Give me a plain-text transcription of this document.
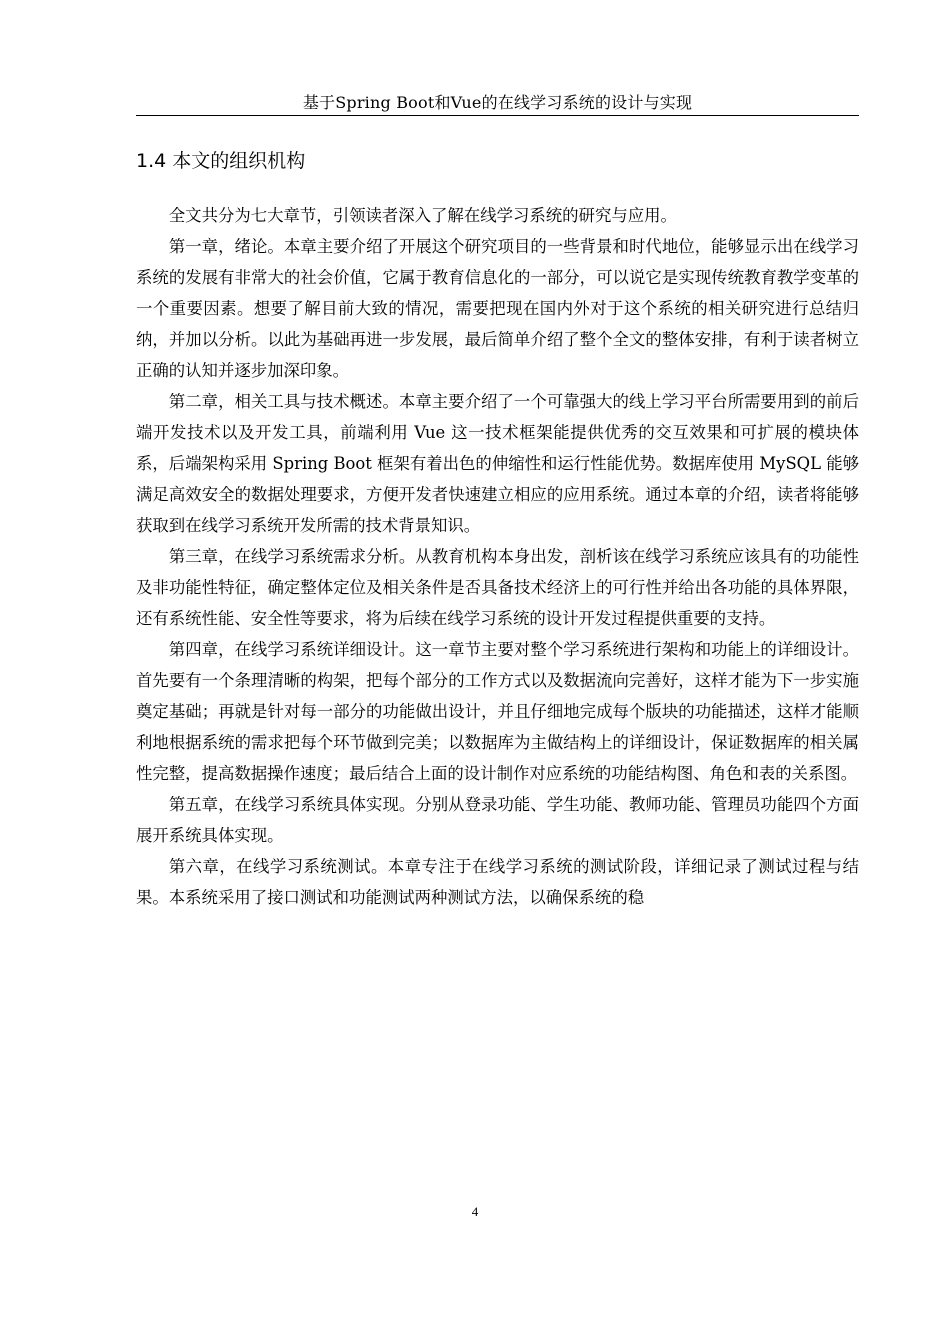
基于Spring Boot和Vue的在线学习系统的设计与实现
1.4 本文的组织机构

全文共分为七大章节，引领读者深入了解在线学习系统的研究与应用。

第一章，绪论。本章主要介绍了开展这个研究项目的一些背景和时代地位，能够显示出在线学习系统的发展有非常大的社会价值，它属于教育信息化的一部分，可以说它是实现传统教育教学变革的一个重要因素。想要了解目前大致的情况，需要把现在国内外对于这个系统的相关研究进行总结归纳，并加以分析。以此为基础再进一步发展，最后简单介绍了整个全文的整体安排，有利于读者树立正确的认知并逐步加深印象。

第二章，相关工具与技术概述。本章主要介绍了一个可靠强大的线上学习平台所需要用到的前后端开发技术以及开发工具，前端利用 Vue 这一技术框架能提供优秀的交互效果和可扩展的模块体系，后端架构采用 Spring Boot 框架有着出色的伸缩性和运行性能优势。数据库使用 MySQL 能够满足高效安全的数据处理要求，方便开发者快速建立相应的应用系统。通过本章的介绍，读者将能够获取到在线学习系统开发所需的技术背景知识。

第三章，在线学习系统需求分析。从教育机构本身出发，剖析该在线学习系统应该具有的功能性及非功能性特征，确定整体定位及相关条件是否具备技术经济上的可行性并给出各功能的具体界限，还有系统性能、安全性等要求，将为后续在线学习系统的设计开发过程提供重要的支持。

第四章，在线学习系统详细设计。这一章节主要对整个学习系统进行架构和功能上的详细设计。首先要有一个条理清晰的构架，把每个部分的工作方式以及数据流向完善好，这样才能为下一步实施奠定基础；再就是针对每一部分的功能做出设计，并且仔细地完成每个版块的功能描述，这样才能顺利地根据系统的需求把每个环节做到完美；以数据库为主做结构上的详细设计，保证数据库的相关属性完整，提高数据操作速度；最后结合上面的设计制作对应系统的功能结构图、角色和表的关系图。

第五章，在线学习系统具体实现。分别从登录功能、学生功能、教师功能、管理员功能四个方面展开系统具体实现。

第六章，在线学习系统测试。本章专注于在线学习系统的测试阶段，详细记录了测试过程与结果。本系统采用了接口测试和功能测试两种测试方法，以确保系统的稳

4
